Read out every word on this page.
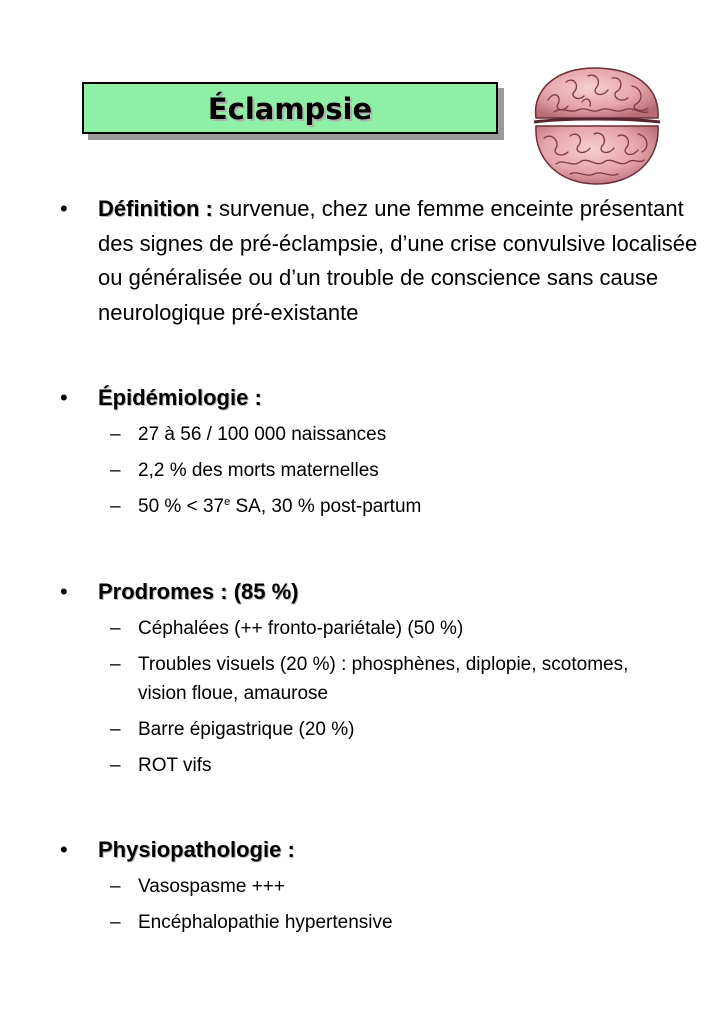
Éclampsie
• Définition : survenue, chez une femme enceinte présentant des signes de pré-éclampsie, d’une crise convulsive localisée ou généralisée ou d’un trouble de conscience sans cause neurologique pré-existante
• Épidémiologie :
– 27 à 56 / 100 000 naissances
– 2,2 % des morts maternelles
– 50 % < $37^e$ SA, 30 % post-partum
• Prodromes : (85 %)
– Céphalées (++ fronto-pariétale) (50 %)
– Troubles visuels (20 %) : phosphènes, diplopie, scotomes, vision floue, amaurose
– Barre épigastrique (20 %)
– ROT vifs
• Physiopathologie :
– Vasospasme +++
– Encéphalopathie hypertensive
